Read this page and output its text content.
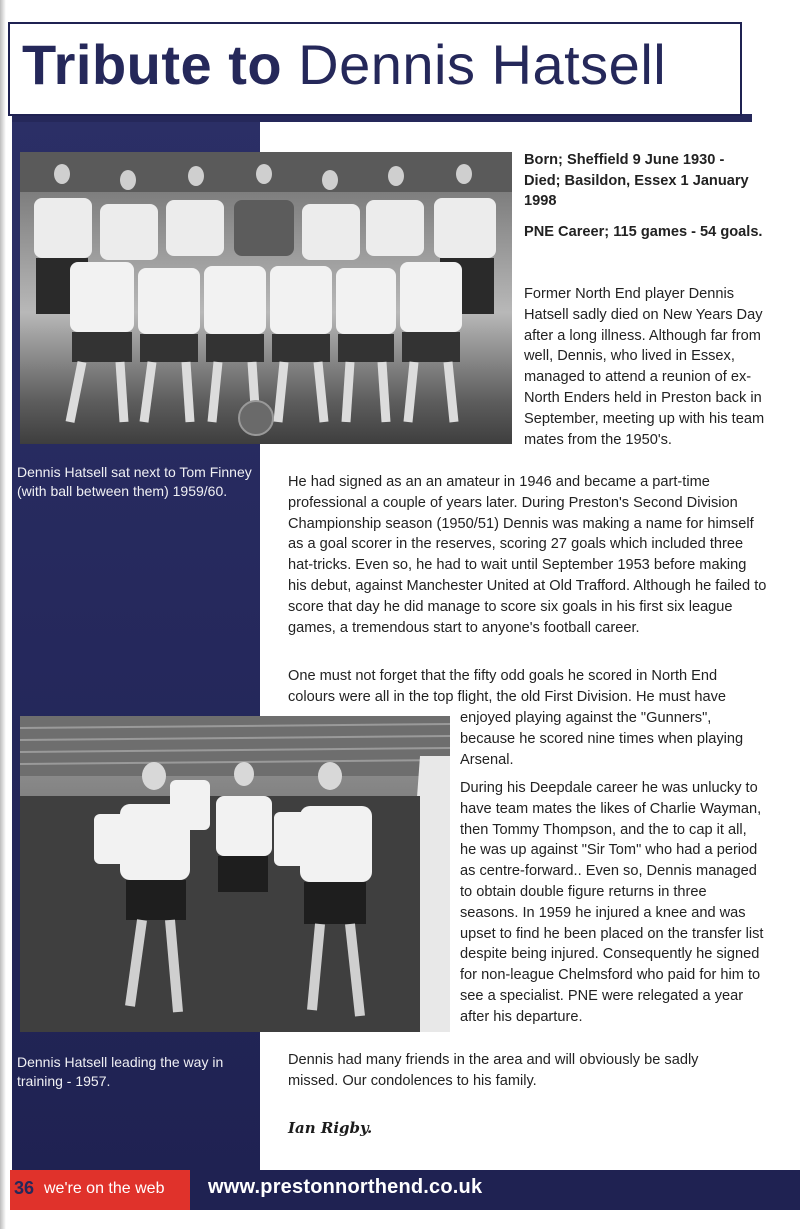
Tribute to Dennis Hatsell
Dennis Hatsell sat next to Tom Finney (with ball between them) 1959/60.
Dennis Hatsell leading the way in training - 1957.
Born; Sheffield 9 June 1930 - Died; Basildon, Essex 1 January 1998
PNE Career; 115 games - 54 goals.
Former North End player Dennis Hatsell sadly died on New Years Day after a long illness. Although far from well, Dennis, who lived in Essex, managed to attend a reunion of ex- North Enders held in Preston back in September, meeting up with his team mates from the 1950's.
He had signed as an an amateur in 1946 and became a part-time professional a couple of years later. During Preston's Second Division Championship season (1950/51) Dennis was making a name for himself as a goal scorer in the reserves, scoring 27 goals which included three hat-tricks. Even so, he had to wait until September 1953 before making his debut, against Manchester United at Old Trafford. Although he failed to score that day he did manage to score six goals in his first six league games, a tremendous start to anyone's football career.
One must not forget that the fifty odd goals he scored in North End colours were all in the top flight, the old First Division. He must have
enjoyed playing against the "Gunners", because he scored nine times when playing Arsenal.
During his Deepdale career he was unlucky to have team mates the likes of Charlie Wayman, then Tommy Thompson, and the to cap it all, he was up against "Sir Tom" who had a period as centre-forward.. Even so, Dennis managed to obtain double figure returns in three seasons. In 1959 he injured a knee and was upset to find he been placed on the transfer list despite being injured. Consequently he signed for non-league Chelmsford who paid for him to see a specialist. PNE were relegated a year after his departure.
Dennis had many friends in the area and will obviously be sadly missed. Our condolences to his family.
Ian Rigby.
36 we're on the web www.prestonnorthend.co.uk
